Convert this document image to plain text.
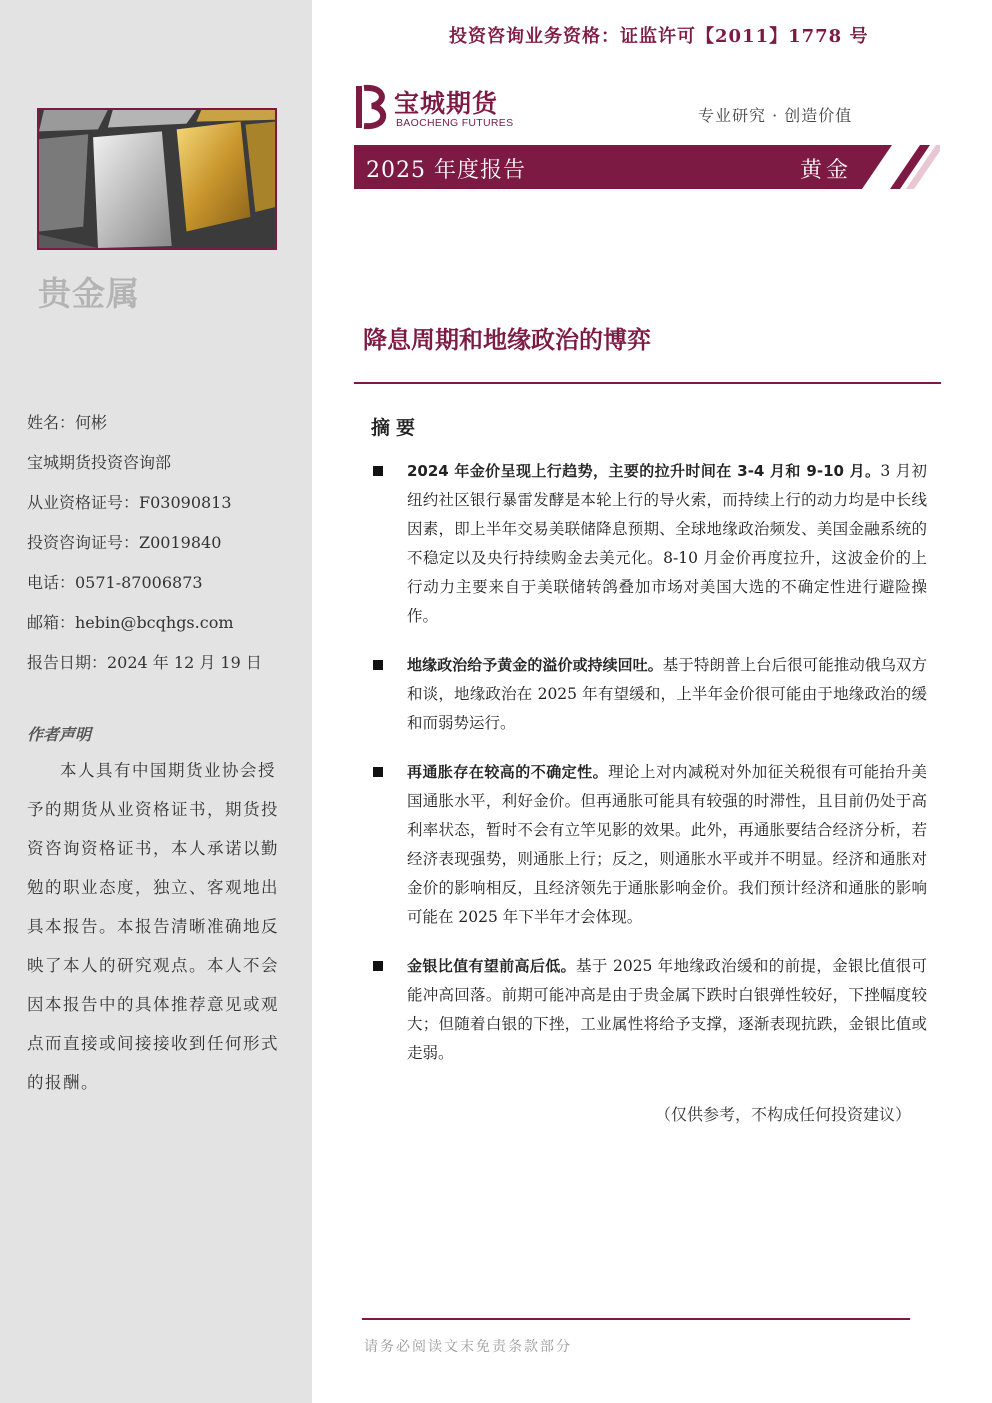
贵金属
姓名：何彬
宝城期货投资咨询部
从业资格证号：F03090813
投资咨询证号：Z0019840
电话：0571-87006873
邮箱：hebin@bcqhgs.com
报告日期：2024 年 12 月 19 日
作者声明
本人具有中国期货业协会授予的期货从业资格证书，期货投资咨询资格证书，本人承诺以勤勉的职业态度，独立、客观地出具本报告。本报告清晰准确地反映了本人的研究观点。本人不会因本报告中的具体推荐意见或观点而直接或间接接收到任何形式的报酬。
投资咨询业务资格：证监许可【2011】1778 号
宝城期货
BAOCHENG FUTURES	专业研究 · 创造价值
2025 年度报告	黄金
降息周期和地缘政治的博弈
摘要
2024 年金价呈现上行趋势，主要的拉升时间在 3-4 月和 9-10 月。3 月初纽约社区银行暴雷发酵是本轮上行的导火索，而持续上行的动力均是中长线因素，即上半年交易美联储降息预期、全球地缘政治频发、美国金融系统的不稳定以及央行持续购金去美元化。8-10 月金价再度拉升，这波金价的上行动力主要来自于美联储转鸽叠加市场对美国大选的不确定性进行避险操作。
地缘政治给予黄金的溢价或持续回吐。基于特朗普上台后很可能推动俄乌双方和谈，地缘政治在 2025 年有望缓和，上半年金价很可能由于地缘政治的缓和而弱势运行。
再通胀存在较高的不确定性。理论上对内减税对外加征关税很有可能抬升美国通胀水平，利好金价。但再通胀可能具有较强的时滞性，且目前仍处于高利率状态，暂时不会有立竿见影的效果。此外，再通胀要结合经济分析，若经济表现强势，则通胀上行；反之，则通胀水平或并不明显。经济和通胀对金价的影响相反，且经济领先于通胀影响金价。我们预计经济和通胀的影响可能在 2025 年下半年才会体现。
金银比值有望前高后低。基于 2025 年地缘政治缓和的前提，金银比值很可能冲高回落。前期可能冲高是由于贵金属下跌时白银弹性较好，下挫幅度较大；但随着白银的下挫，工业属性将给予支撑，逐渐表现抗跌，金银比值或走弱。
（仅供参考，不构成任何投资建议）
请务必阅读文末免责条款部分
